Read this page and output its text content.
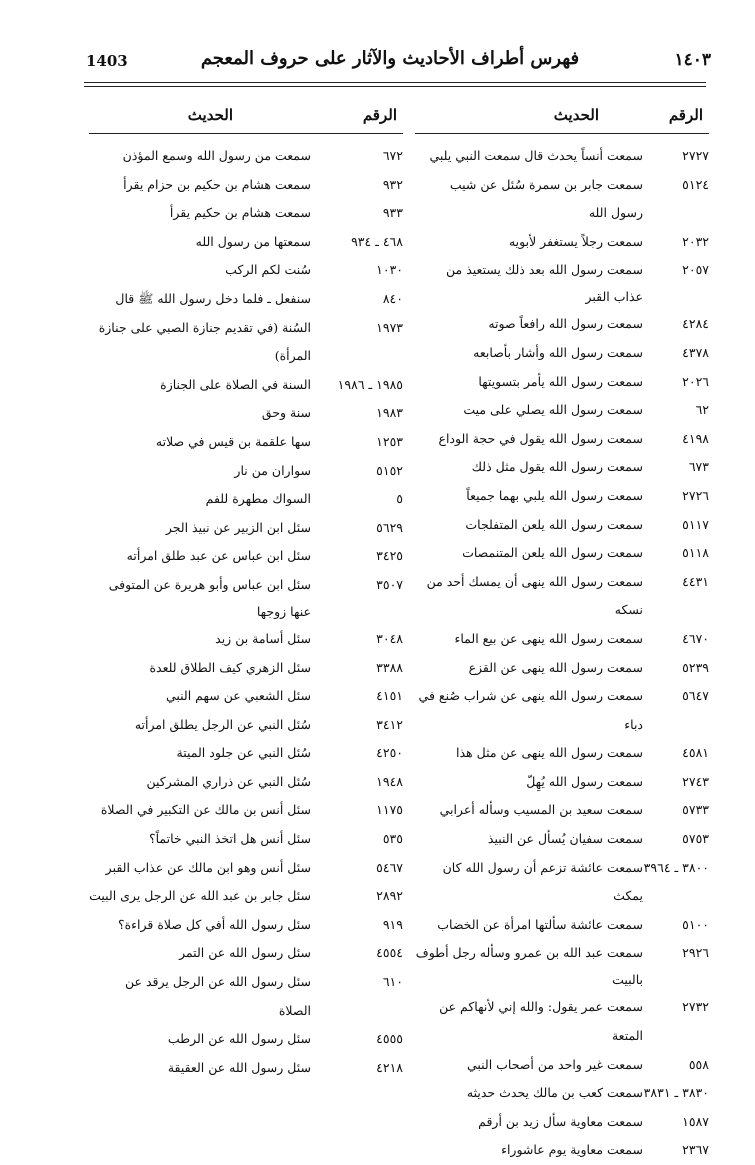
1403	فهرس أطراف الأحاديث والآثار على حروف المعجم	١٤٠٣
الرقم
الحديث
٢٧٢٧
سمعت أنساً يحدث قال سمعت النبي يلبي
٥١٢٤
سمعت جابر بن سمرة سُئل عن شيب رسول الله
٢٠٣٢
سمعت رجلاً يستغفر لأبويه
٢٠٥٧
سمعت رسول الله بعد ذلك يستعيذ من عذاب القبر
٤٢٨٤
سمعت رسول الله رافعاً صوته
٤٣٧٨
سمعت رسول الله وأشار بأصابعه
٢٠٢٦
سمعت رسول الله يأمر بتسويتها
٦٢
سمعت رسول الله يصلي على ميت
٤١٩٨
سمعت رسول الله يقول في حجة الوداع
٦٧٣
سمعت رسول الله يقول مثل ذلك
٢٧٢٦
سمعت رسول الله يلبي بهما جميعاً
٥١١٧
سمعت رسول الله يلعن المتفلجات
٥١١٨
سمعت رسول الله يلعن المتنمصات
٤٤٣١
سمعت رسول الله ينهى أن يمسك أحد من نسكه
٤٦٧٠
سمعت رسول الله ينهى عن بيع الماء
٥٢٣٩
سمعت رسول الله ينهى عن القزع
٥٦٤٧
سمعت رسول الله ينهى عن شراب صُنع في دباء
٤٥٨١
سمعت رسول الله ينهى عن مثل هذا
٢٧٤٣
سمعت رسول الله يُهِلّ
٥٧٣٣
سمعت سعيد بن المسيب وسأله أعرابي
٥٧٥٣
سمعت سفيان يُسأل عن النبيذ
٣٨٠٠ ـ ٣٩٦٤
سمعت عائشة تزعم أن رسول الله كان يمكث
٥١٠٠
سمعت عائشة سألتها امرأة عن الخضاب
٢٩٢٦
سمعت عبد الله بن عمرو وسأله رجل أطوف بالبيت
٢٧٣٢
سمعت عمر يقول: والله إني لأنهاكم عن المتعة
٥٥٨
سمعت غير واحد من أصحاب النبي
٣٨٣٠ ـ ٣٨٣١
سمعت كعب بن مالك يحدث حديثه
١٥٨٧
سمعت معاوية سأل زيد بن أرقم
٢٣٦٧
سمعت معاوية يوم عاشوراء
الرقم
الحديث
٦٧٢
سمعت من رسول الله وسمع المؤذن
٩٣٢
سمعت هشام بن حكيم بن حزام يقرأ
٩٣٣
سمعت هشام بن حكيم يقرأ
٤٦٨ ـ ٩٣٤
سمعتها من رسول الله
١٠٣٠
سُنت لكم الركب
٨٤٠
سنفعل ـ فلما دخل رسول الله ﷺ قال
١٩٧٣
السُنة (في تقديم جنازة الصبي على جنازة المرأة)
١٩٨٥ ـ ١٩٨٦
السنة في الصلاة على الجنازة
١٩٨٣
سنة وحق
١٢٥٣
سها علقمة بن قيس في صلاته
٥١٥٢
سواران من نار
٥
السواك مطهرة للفم
٥٦٢٩
سئل ابن الزبير عن نبيذ الجر
٣٤٢٥
سئل ابن عباس عن عبد طلق امرأته
٣٥٠٧
سئل ابن عباس وأبو هريرة عن المتوفى عنها زوجها
٣٠٤٨
سئل أسامة بن زيد
٣٣٨٨
سئل الزهري كيف الطلاق للعدة
٤١٥١
سئل الشعبي عن سهم النبي
٣٤١٢
سُئل النبي عن الرجل يطلق امرأته
٤٢٥٠
سُئل النبي عن جلود الميتة
١٩٤٨
سُئل النبي عن ذراري المشركين
١١٧٥
سئل أنس بن مالك عن التكبير في الصلاة
٥٣٥
سئل أنس هل اتخذ النبي خاتماً؟
٥٤٦٧
سئل أنس وهو ابن مالك عن عذاب القبر
٢٨٩٢
سئل جابر بن عبد الله عن الرجل يرى البيت
٩١٩
سئل رسول الله أفي كل صلاة قراءة؟
٤٥٥٤
سئل رسول الله عن التمر
٦١٠
سئل رسول الله عن الرجل يرقد عن الصلاة
٤٥٥٥
سئل رسول الله عن الرطب
٤٢١٨
سئل رسول الله عن العقيقة
